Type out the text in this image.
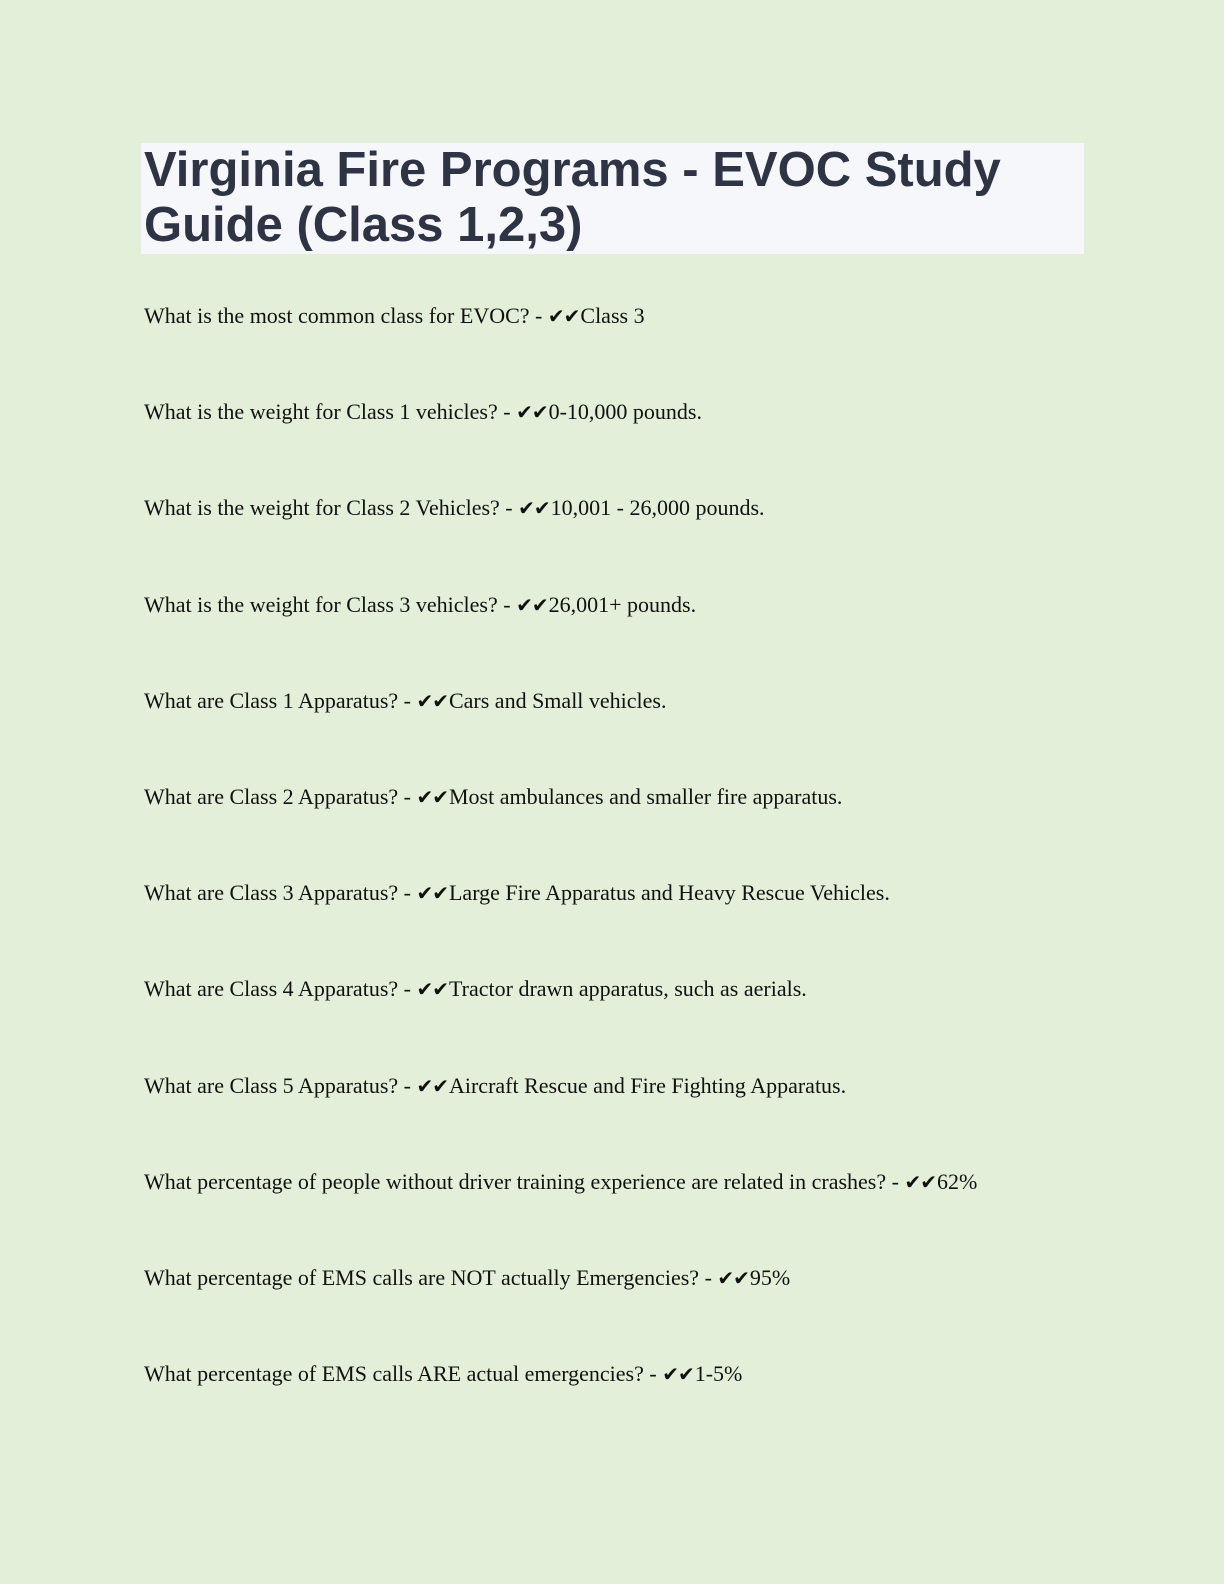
Virginia Fire Programs - EVOC Study Guide (Class 1,2,3)
What is the most common class for EVOC? - ✔✔Class 3
What is the weight for Class 1 vehicles? - ✔✔0-10,000 pounds.
What is the weight for Class 2 Vehicles? - ✔✔10,001 - 26,000 pounds.
What is the weight for Class 3 vehicles? - ✔✔26,001+ pounds.
What are Class 1 Apparatus? - ✔✔Cars and Small vehicles.
What are Class 2 Apparatus? - ✔✔Most ambulances and smaller fire apparatus.
What are Class 3 Apparatus? - ✔✔Large Fire Apparatus and Heavy Rescue Vehicles.
What are Class 4 Apparatus? - ✔✔Tractor drawn apparatus, such as aerials.
What are Class 5 Apparatus? - ✔✔Aircraft Rescue and Fire Fighting Apparatus.
What percentage of people without driver training experience are related in crashes? - ✔✔62%
What percentage of EMS calls are NOT actually Emergencies? - ✔✔95%
What percentage of EMS calls ARE actual emergencies? - ✔✔1-5%
